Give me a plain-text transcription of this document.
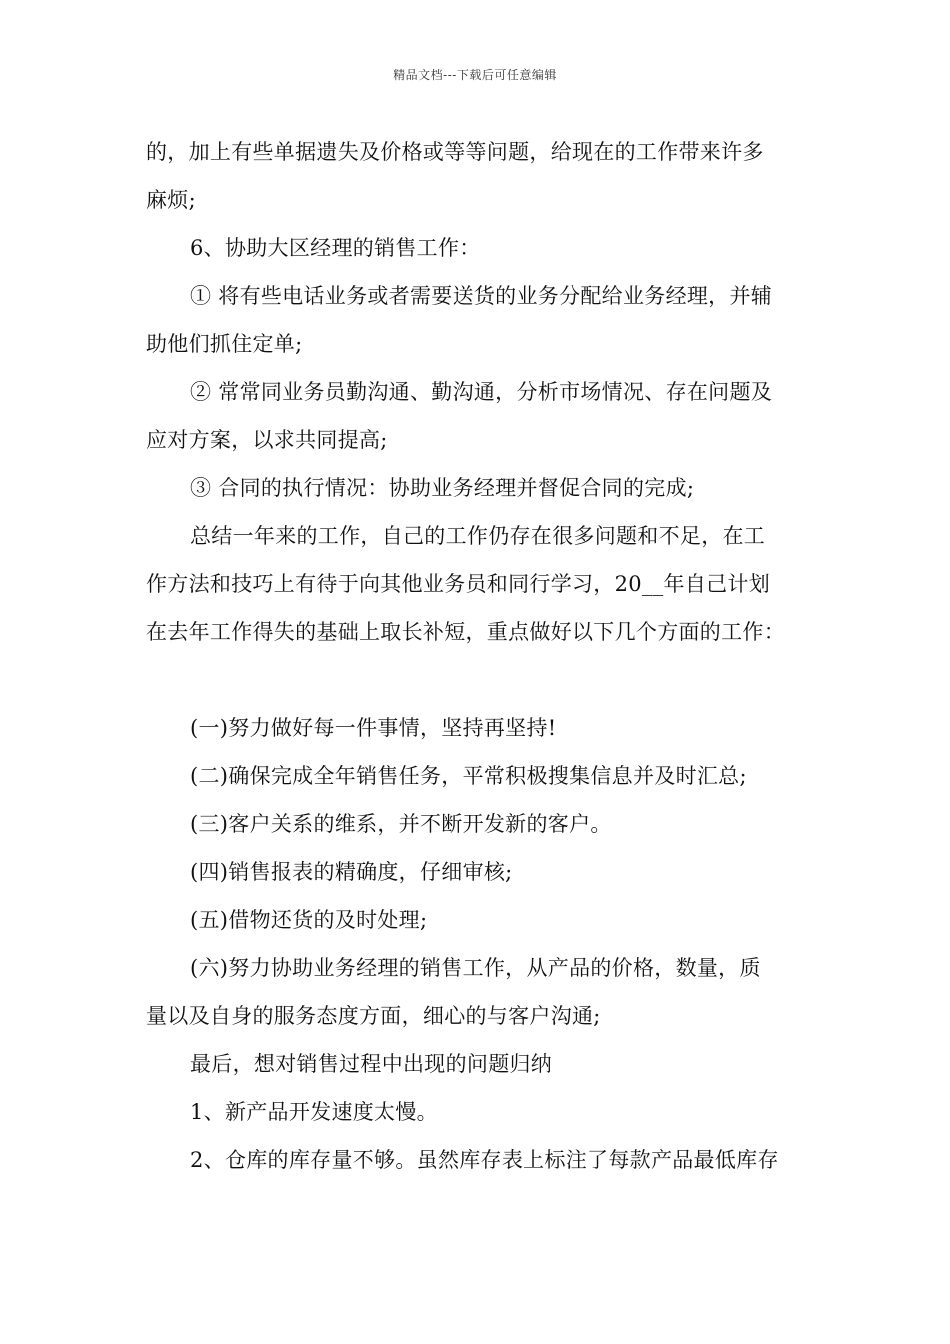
精品文档---下载后可任意编辑
的，加上有些单据遗失及价格或等等问题，给现在的工作带来许多
麻烦;
6、协助大区经理的销售工作：
① 将有些电话业务或者需要送货的业务分配给业务经理，并辅
助他们抓住定单;
② 常常同业务员勤沟通、勤沟通，分析市场情况、存在问题及
应对方案，以求共同提高;
③ 合同的执行情况：协助业务经理并督促合同的完成;
总结一年来的工作，自己的工作仍存在很多问题和不足，在工
作方法和技巧上有待于向其他业务员和同行学习，20__年自己计划
在去年工作得失的基础上取长补短，重点做好以下几个方面的工作：
(一)努力做好每一件事情，坚持再坚持!
(二)确保完成全年销售任务，平常积极搜集信息并及时汇总;
(三)客户关系的维系，并不断开发新的客户。
(四)销售报表的精确度，仔细审核;
(五)借物还货的及时处理;
(六)努力协助业务经理的销售工作，从产品的价格，数量，质
量以及自身的服务态度方面，细心的与客户沟通;
最后，想对销售过程中出现的问题归纳
1、新产品开发速度太慢。
2、仓库的库存量不够。虽然库存表上标注了每款产品最低库存
